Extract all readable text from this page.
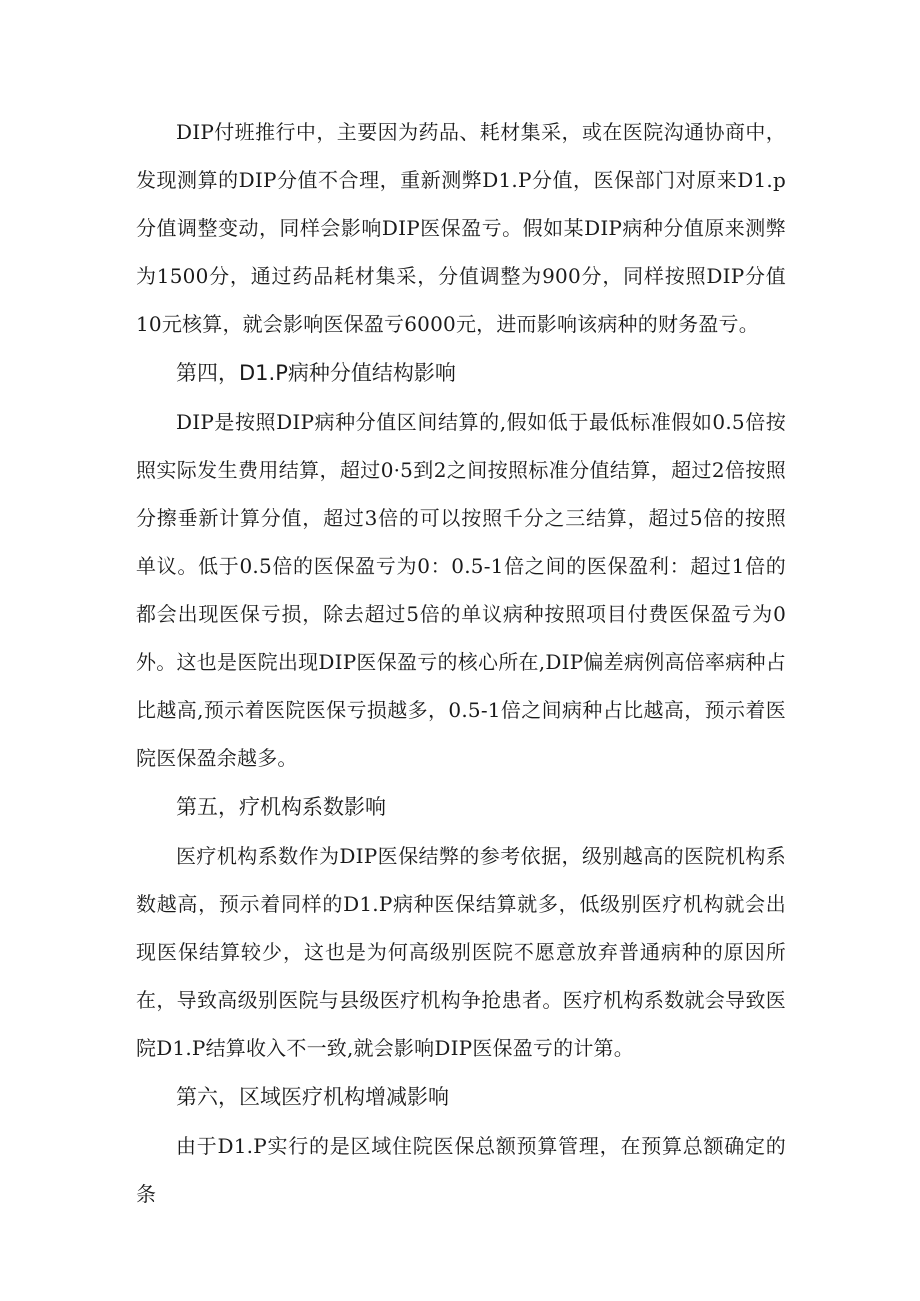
DIP付班推行中，主要因为药品、耗材集采，或在医院沟通协商中，发现测算的DIP分值不合理，重新测弊D1.P分值，医保部门对原来D1.p分值调整变动，同样会影响DIP医保盈亏。假如某DIP病种分值原来测弊为1500分，通过药品耗材集采，分值调整为900分，同样按照DIP分值10元核算，就会影响医保盈亏6000元，进而影响该病种的财务盈亏。

第四，D1.P病种分值结构影响

DIP是按照DIP病种分值区间结算的,假如低于最低标准假如0.5倍按照实际发生费用结算，超过0·5到2之间按照标准分值结算，超过2倍按照分擦垂新计算分值，超过3倍的可以按照千分之三结算，超过5倍的按照单议。低于0.5倍的医保盈亏为0：0.5-1倍之间的医保盈利：超过1倍的都会出现医保亏损，除去超过5倍的单议病种按照项目付费医保盈亏为0外。这也是医院出现DIP医保盈亏的核心所在,DIP偏差病例高倍率病种占比越高,预示着医院医保亏损越多，0.5-1倍之间病种占比越高，预示着医院医保盈余越多。

第五，疗机构系数影响

医疗机构系数作为DIP医保结弊的参考依据，级别越高的医院机构系数越高，预示着同样的D1.P病种医保结算就多，低级别医疗机构就会出现医保结算较少，这也是为何高级别医院不愿意放弃普通病种的原因所在，导致高级别医院与县级医疗机构争抢患者。医疗机构系数就会导致医院D1.P结算收入不一致,就会影响DIP医保盈亏的计第。

第六，区域医疗机构增减影响

由于D1.P实行的是区域住院医保总额预算管理，在预算总额确定的条
